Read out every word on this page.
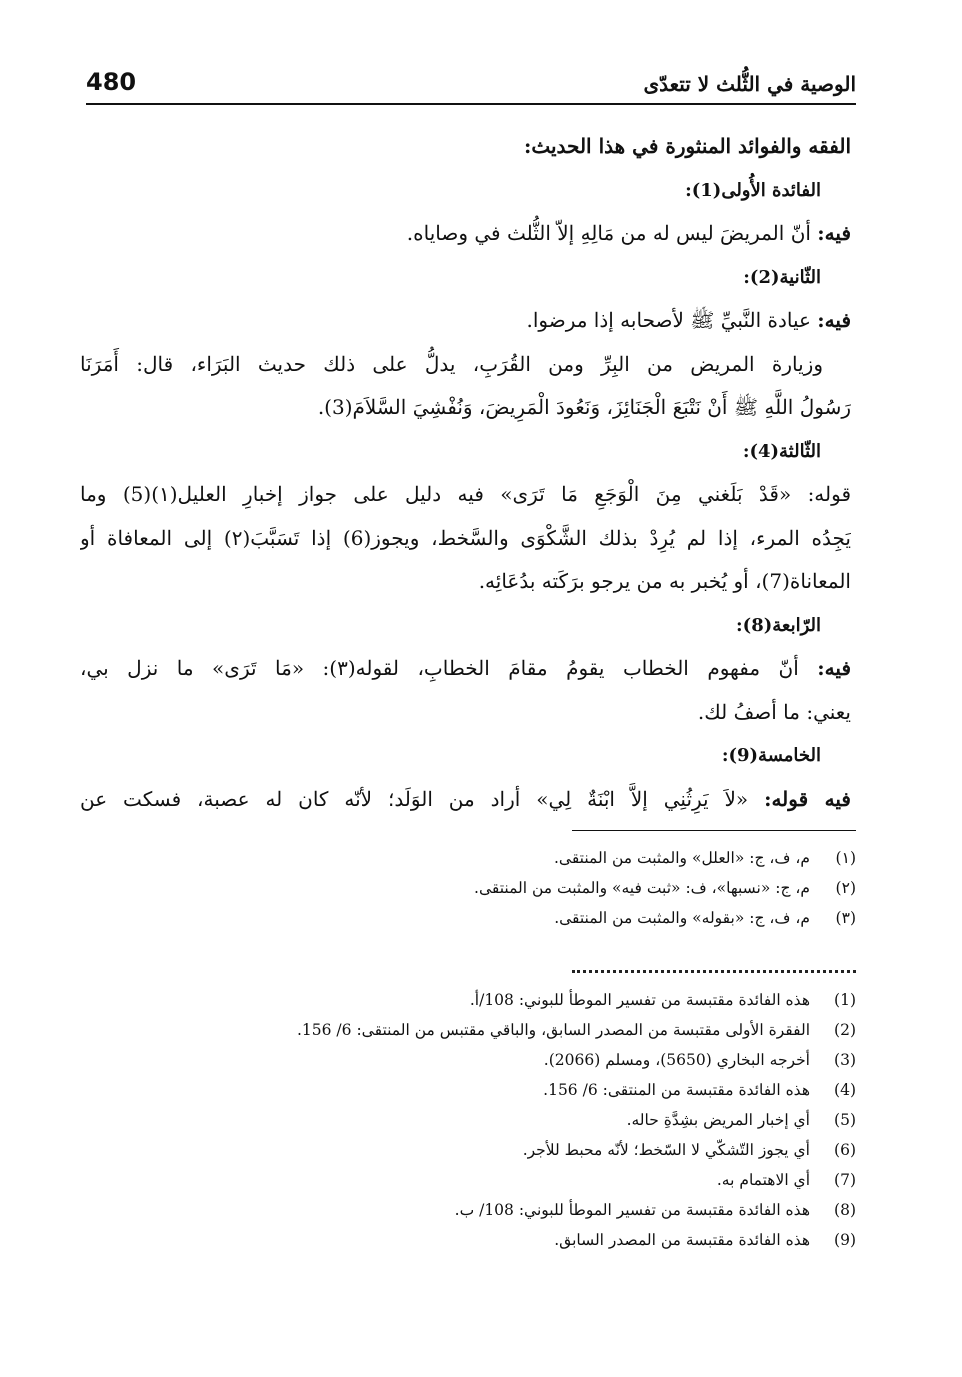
480	الوصية في الثُّلث لا تتعدّى
الفقه والفوائد المنثورة في هذا الحديث:
الفائدة الأُولى(1):
فيه: أنّ المريضَ ليس له من مَالِهِ إلاّ الثُّلث في وصاياه.
الثّانية(2):
فيه: عيادة النَّبيِّ ﷺ لأصحابه إذا مرضوا.
وزيارة المريض من البِرِّ ومن القُرَبِ، يدلُّ على ذلك حديث البَرَاء، قال: أَمَرَنَا
رَسُولُ اللَّهِ ﷺ أَنْ نَتْبَعَ الْجَنَائِزَ، وَنَعُودَ الْمَرِيضَ، وَنُفْشِيَ السَّلاَمَ(3).
الثّالثة(4):
قوله: «قَدْ بَلَغني مِنَ الْوَجَعِ مَا تَرَى» فيه دليل على جواز إخبارِ العليل(١)(5) وما
يَجِدُه المرء، إذا لم يُرِدْ بذلك الشَّكْوَى والسَّخط، ويجوز(6) إذا تَسَبَّبَ(٢) إلى المعافاة أو
المعاناة(7)، أو يُخبر به من يرجو برَكَته بدُعَائِه.
الرّابعة(8):
فيه: أنّ مفهوم الخطاب يقومُ مقامَ الخطابِ، لقوله(٣): «مَا تَرَى» ما نزل بي،
يعني: ما أصفُ لك.
الخامسة(9):
فيه قوله: «لاَ يَرِثُنِي إلاَّ ابْنَةٌ لِي» أراد من الوَلَد؛ لأنّه كان له عصبة، فسكت عن
(١)م، ف، ج: «العلل» والمثبت من المنتقى.
(٢)م، ج: «نسبها»، ف: «ثبت فيه» والمثبت من المنتقى.
(٣)م، ف، ج: «بقوله» والمثبت من المنتقى.
(1)هذه الفائدة مقتبسة من تفسير الموطأ للبوني: 108/أ.
(2)الفقرة الأولى مقتبسة من المصدر السابق، والباقي مقتبس من المنتقى: 6/ 156.
(3)أخرجه البخاري (5650)، ومسلم (2066).
(4)هذه الفائدة مقتبسة من المنتقى: 6/ 156.
(5)أي إخبار المريض بشِدَّةِ حاله.
(6)أي يجوز التّشكّي لا السّخط؛ لأنّه محبط للأجر.
(7)أي الاهتمام به.
(8)هذه الفائدة مقتبسة من تفسير الموطأ للبوني: 108/ ب.
(9)هذه الفائدة مقتبسة من المصدر السابق.
